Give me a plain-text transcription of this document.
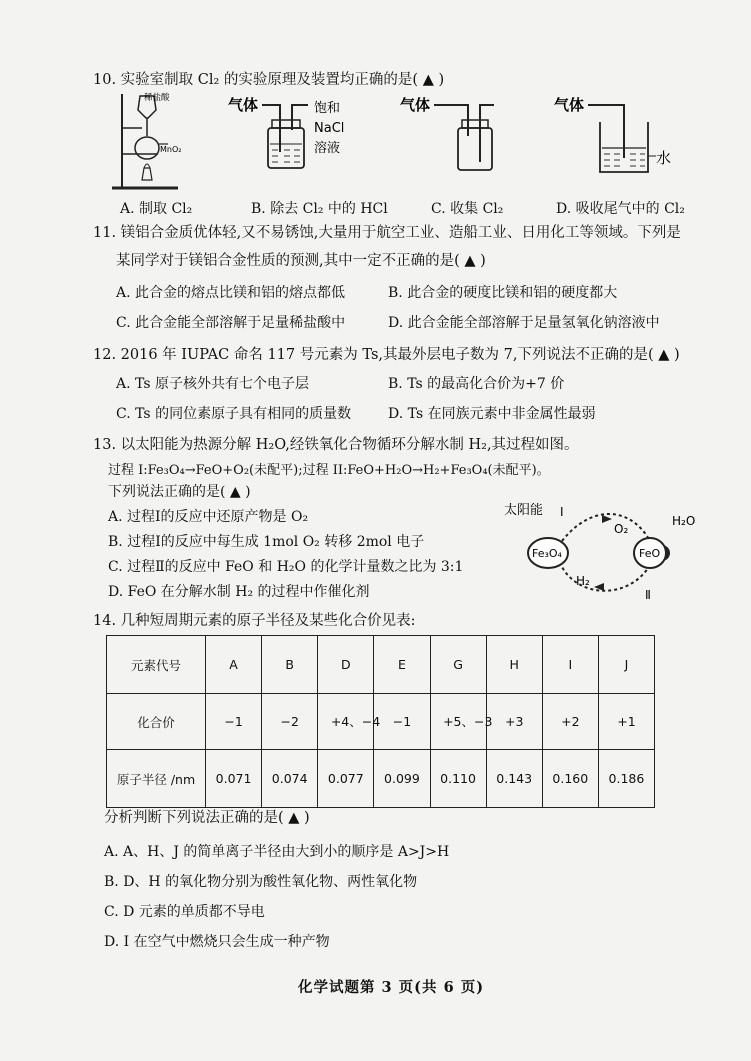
10. 实验室制取 Cl₂ 的实验原理及装置均正确的是( ▲ )
稀盐酸
MnO₂
气体	饱和
NaCl
溶液
气体	气体
水
A. 制取 Cl₂	B. 除去 Cl₂ 中的 HCl	C. 收集 Cl₂	D. 吸收尾气中的 Cl₂
11. 镁铝合金质优体轻,又不易锈蚀,大量用于航空工业、造船工业、日用化工等领域。下列是
某同学对于镁铝合金性质的预测,其中一定不正确的是( ▲ )
A. 此合金的熔点比镁和铝的熔点都低	B. 此合金的硬度比镁和铝的硬度都大
C. 此合金能全部溶解于足量稀盐酸中	D. 此合金能全部溶解于足量氢氧化钠溶液中
12. 2016 年 IUPAC 命名 117 号元素为 Ts,其最外层电子数为 7,下列说法不正确的是( ▲ )
A. Ts 原子核外共有七个电子层	B. Ts 的最高化合价为+7 价
C. Ts 的同位素原子具有相同的质量数	D. Ts 在同族元素中非金属性最弱
13. 以太阳能为热源分解 H₂O,经铁氧化合物循环分解水制 H₂,其过程如图。
过程 I:Fe₃O₄→FeO+O₂(未配平);过程 II:FeO+H₂O→H₂+Fe₃O₄(未配平)。
下列说法正确的是( ▲ )
A. 过程Ⅰ的反应中还原产物是 O₂
B. 过程Ⅰ的反应中每生成 1mol O₂ 转移 2mol 电子
C. 过程Ⅱ的反应中 FeO 和 H₂O 的化学计量数之比为 3:1
D. FeO 在分解水制 H₂ 的过程中作催化剂
太阳能 I
O₂
H₂O
Fe₃O₄	FeO
H₂
Ⅱ
14. 几种短周期元素的原子半径及某些化合价见表:
元素代号	A	B	D	E	G	H	I	J
化合价	−1	−2	+4、−4	−1	+5、−3	+3	+2	+1
原子半径 /nm	0.071	0.074	0.077	0.099	0.110	0.143	0.160	0.186
分析判断下列说法正确的是( ▲ )
A. A、H、J 的简单离子半径由大到小的顺序是 A>J>H
B. D、H 的氧化物分别为酸性氧化物、两性氧化物
C. D 元素的单质都不导电
D. I 在空气中燃烧只会生成一种产物
化学试题第 3 页(共 6 页)
